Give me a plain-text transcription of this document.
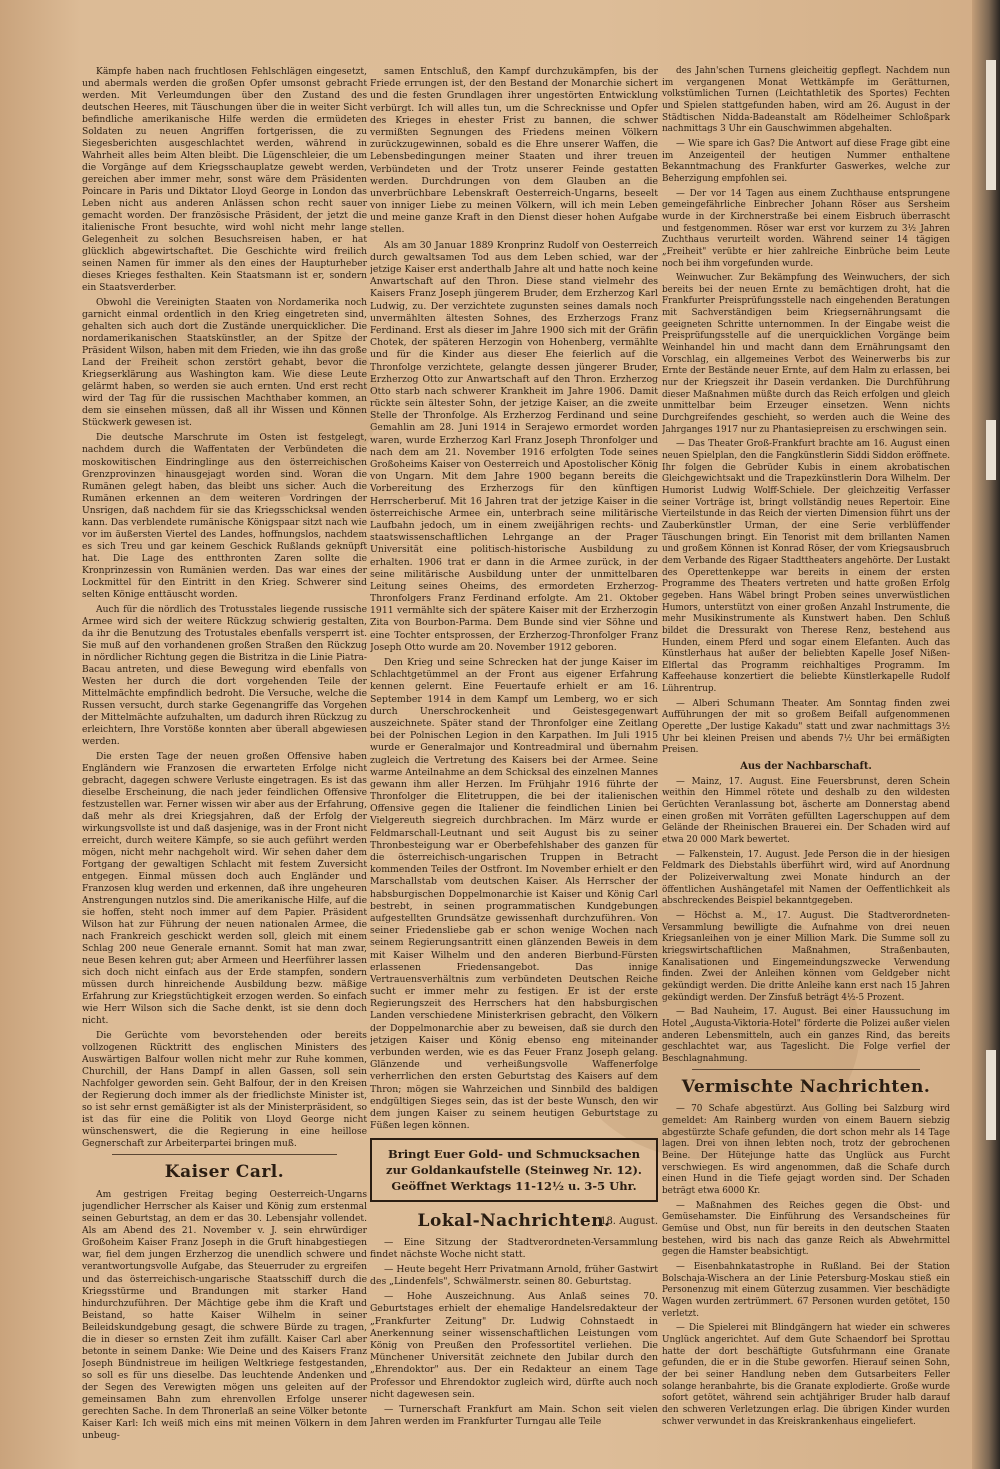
Kämpfe haben nach fruchtlosen Fehlschlägen eingesetzt, und abermals werden die großen Opfer umsonst gebracht werden. Mit Verleumdungen über den Zustand des deutschen Heeres, mit Täuschungen über die in weiter Sicht befindliche amerikanische Hilfe werden die ermüdeten Soldaten zu neuen Angriffen fortgerissen, die zu Siegesberichten ausgeschlachtet werden, während in Wahrheit alles beim Alten bleibt. Die Lügenschleier, die um die Vorgänge auf dem Kriegsschauplatze gewebt werden, gereichen aber immer mehr, sonst wäre dem Präsidenten Poincare in Paris und Diktator Lloyd George in London das Leben nicht aus anderen Anlässen schon recht sauer gemacht worden. Der französische Präsident, der jetzt die italienische Front besuchte, wird wohl nicht mehr lange Gelegenheit zu solchen Besuchsreisen haben, er hat glücklich abgewirtschaftet. Die Geschichte wird freilich seinen Namen für immer als den eines der Haupturheber dieses Krieges festhalten. Kein Staatsmann ist er, sondern ein Staatsverderber.

Obwohl die Vereinigten Staaten von Nordamerika noch garnicht einmal ordentlich in den Krieg eingetreten sind, gehalten sich auch dort die Zustände unerquicklicher. Die nordamerikanischen Staatskünstler, an der Spitze der Präsident Wilson, haben mit dem Frieden, wie ihn das große Land der Freiheit schon zerstört gehabt, bevor die Kriegserklärung aus Washington kam. Wie diese Leute gelärmt haben, so werden sie auch ernten. Und erst recht wird der Tag für die russischen Machthaber kommen, an dem sie einsehen müssen, daß all ihr Wissen und Können Stückwerk gewesen ist.

Die deutsche Marschrute im Osten ist festgelegt, nachdem durch die Waffentaten der Verbündeten die moskowitischen Eindringlinge aus den österreichischen Grenzprovinzen hinausgejagt worden sind. Woran die Rumänen gelegt haben, das bleibt uns sicher. Auch die Rumänen erkennen an dem weiteren Vordringen der Unsrigen, daß nachdem für sie das Kriegsschicksal wenden kann. Das verblendete rumänische Königspaar sitzt nach wie vor im äußersten Viertel des Landes, hoffnungslos, nachdem es sich Treu und gar keinem Geschick Rußlands geknüpft hat. Die Lage des entthronten Zaren sollte die Kronprinzessin von Rumänien werden. Das war eines der Lockmittel für den Eintritt in den Krieg. Schwerer sind selten Könige enttäuscht worden.

Auch für die nördlich des Trotusstales liegende russische Armee wird sich der weitere Rückzug schwierig gestalten, da ihr die Benutzung des Trotustales ebenfalls versperrt ist. Sie muß auf den vorhandenen großen Straßen den Rückzug in nördlicher Richtung gegen die Bistritza in die Linie Piatra-Bacau antreten, und diese Bewegung wird ebenfalls von Westen her durch die dort vorgehenden Teile der Mittelmächte empfindlich bedroht. Die Versuche, welche die Russen versucht, durch starke Gegenangriffe das Vorgehen der Mittelmächte aufzuhalten, um dadurch ihren Rückzug zu erleichtern, Ihre Vorstöße konnten aber überall abgewiesen werden.

Die ersten Tage der neuen großen Offensive haben Engländern wie Franzosen die erwarteten Erfolge nicht gebracht, dagegen schwere Verluste eingetragen. Es ist das dieselbe Erscheinung, die nach jeder feindlichen Offensive festzustellen war. Ferner wissen wir aber aus der Erfahrung, daß mehr als drei Kriegsjahren, daß der Erfolg der wirkungsvollste ist und daß dasjenige, was in der Front nicht erreicht, durch weitere Kämpfe, so sie auch geführt werden mögen, nicht mehr nachgeholt wird. Wir sehen daher dem Fortgang der gewaltigen Schlacht mit festem Zuversicht entgegen. Einmal müssen doch auch Engländer und Franzosen klug werden und erkennen, daß ihre ungeheuren Anstrengungen nutzlos sind. Die amerikanische Hilfe, auf die sie hoffen, steht noch immer auf dem Papier. Präsident Wilson hat zur Führung der neuen nationalen Armee, die nach Frankreich geschickt werden soll, gleich mit einem Schlag 200 neue Generale ernannt. Somit hat man zwar, neue Besen kehren gut; aber Armeen und Heerführer lassen sich doch nicht einfach aus der Erde stampfen, sondern müssen durch hinreichende Ausbildung bezw. mäßige Erfahrung zur Kriegstüchtigkeit erzogen werden. So einfach wie Herr Wilson sich die Sache denkt, ist sie denn doch nicht.

Die Gerüchte vom bevorstehenden oder bereits vollzogenen Rücktritt des englischen Ministers des Auswärtigen Balfour wollen nicht mehr zur Ruhe kommen, Churchill, der Hans Dampf in allen Gassen, soll sein Nachfolger geworden sein. Geht Balfour, der in den Kreisen der Regierung doch immer als der friedlichste Minister ist, so ist sehr ernst gemäßigter ist als der Ministerpräsident, so ist das für eine die Politik von Lloyd George nicht wünschenswert, die die Regierung in eine heillose Gegnerschaft zur Arbeiterpartei bringen muß.

Kaiser Carl.

Am gestrigen Freitag beging Oesterreich-Ungarns jugendlicher Herrscher als Kaiser und König zum erstenmal seinen Geburtstag, an dem er das 30. Lebensjahr vollendet. Als am Abend des 21. November v. J. sein ehrwürdiger Großoheim Kaiser Franz Joseph in die Gruft hinabgestiegen war, fiel dem jungen Erzherzog die unendlich schwere und verantwortungsvolle Aufgabe, das Steuerruder zu ergreifen und das österreichisch-ungarische Staatsschiff durch die Kriegsstürme und Brandungen mit starker Hand hindurchzuführen. Der Mächtige gebe ihm die Kraft und Beistand, so hatte Kaiser Wilhelm in seiner Beileidskundgebung gesagt, die schwere Bürde zu tragen, die in dieser so ernsten Zeit ihm zufällt. Kaiser Carl aber betonte in seinem Danke: Wie Deine und des Kaisers Franz Joseph Bündnistreue im heiligen Weltkriege festgestanden, so soll es für uns dieselbe. Das leuchtende Andenken und der Segen des Verewigten mögen uns geleiten auf der gemeinsamen Bahn zum ehrenvollen Erfolge unserer gerechten Sache. In dem Thronerlaß an seine Völker betonte Kaiser Karl: Ich weiß mich eins mit meinen Völkern in dem unbeug-

samen Entschluß, den Kampf durchzukämpfen, bis der Friede errungen ist, der den Bestand der Monarchie sichert und die festen Grundlagen ihrer ungestörten Entwicklung verbürgt. Ich will alles tun, um die Schrecknisse und Opfer des Krieges in ehester Frist zu bannen, die schwer vermißten Segnungen des Friedens meinen Völkern zurückzugewinnen, sobald es die Ehre unserer Waffen, die Lebensbedingungen meiner Staaten und ihrer treuen Verbündeten und der Trotz unserer Feinde gestatten werden. Durchdrungen von dem Glauben an die unverbrüchbare Lebenskraft Oesterreich-Ungarns, beseelt von inniger Liebe zu meinen Völkern, will ich mein Leben und meine ganze Kraft in den Dienst dieser hohen Aufgabe stellen.

Als am 30 Januar 1889 Kronprinz Rudolf von Oesterreich durch gewaltsamen Tod aus dem Leben schied, war der jetzige Kaiser erst anderthalb Jahre alt und hatte noch keine Anwartschaft auf den Thron. Diese stand vielmehr des Kaisers Franz Joseph jüngerem Bruder, dem Erzherzog Karl Ludwig, zu. Der verzichtete zugunsten seines damals noch unvermählten ältesten Sohnes, des Erzherzogs Franz Ferdinand. Erst als dieser im Jahre 1900 sich mit der Gräfin Chotek, der späteren Herzogin von Hohenberg, vermählte und für die Kinder aus dieser Ehe feierlich auf die Thronfolge verzichtete, gelangte dessen jüngerer Bruder, Erzherzog Otto zur Anwartschaft auf den Thron. Erzherzog Otto starb nach schwerer Krankheit im Jahre 1906. Damit rückte sein ältester Sohn, der jetzige Kaiser, an die zweite Stelle der Thronfolge. Als Erzherzog Ferdinand und seine Gemahlin am 28. Juni 1914 in Serajewo ermordet worden waren, wurde Erzherzog Karl Franz Joseph Thronfolger und nach dem am 21. November 1916 erfolgten Tode seines Großoheims Kaiser von Oesterreich und Apostolischer König von Ungarn. Mit dem Jahre 1900 begann bereits die Vorbereitung des Erzherzogs für den künftigen Herrscherberuf. Mit 16 Jahren trat der jetzige Kaiser in die österreichische Armee ein, unterbrach seine militärische Laufbahn jedoch, um in einem zweijährigen rechts- und staatswissenschaftlichen Lehrgange an der Prager Universität eine politisch-historische Ausbildung zu erhalten. 1906 trat er dann in die Armee zurück, in der seine militärische Ausbildung unter der unmittelbaren Leitung seines Oheims, des ermordeten Erzherzog-Thronfolgers Franz Ferdinand erfolgte. Am 21. Oktober 1911 vermählte sich der spätere Kaiser mit der Erzherzogin Zita von Bourbon-Parma. Dem Bunde sind vier Söhne und eine Tochter entsprossen, der Erzherzog-Thronfolger Franz Joseph Otto wurde am 20. November 1912 geboren.

Den Krieg und seine Schrecken hat der junge Kaiser im Schlachtgetümmel an der Front aus eigener Erfahrung kennen gelernt. Eine Feuertaufe erhielt er am 16. September 1914 in dem Kampf um Lemberg, wo er sich durch Unerschrockenheit und Geistesgegenwart auszeichnete. Später stand der Thronfolger eine Zeitlang bei der Polnischen Legion in den Karpathen. Im Juli 1915 wurde er Generalmajor und Kontreadmiral und übernahm zugleich die Vertretung des Kaisers bei der Armee. Seine warme Anteilnahme an dem Schicksal des einzelnen Mannes gewann ihm aller Herzen. Im Frühjahr 1916 führte der Thronfolger die Elitetruppen, die bei der italienischen Offensive gegen die Italiener die feindlichen Linien bei Vielgereuth siegreich durchbrachen. Im März wurde er Feldmarschall-Leutnant und seit August bis zu seiner Thronbesteigung war er Oberbefehlshaber des ganzen für die österreichisch-ungarischen Truppen in Betracht kommenden Teiles der Ostfront. Im November erhielt er den Marschallstab vom deutschen Kaiser. Als Herrscher der habsburgischen Doppelmonarchie ist Kaiser und König Carl bestrebt, in seinen programmatischen Kundgebungen aufgestellten Grundsätze gewissenhaft durchzuführen. Von seiner Friedensliebe gab er schon wenige Wochen nach seinem Regierungsantritt einen glänzenden Beweis in dem mit Kaiser Wilhelm und den anderen Bierbund-Fürsten erlassenen Friedensangebot. Das innige Vertrauensverhältnis zum verbündeten Deutschen Reiche sucht er immer mehr zu festigen. Er ist der erste Regierungszeit des Herrschers hat den habsburgischen Landen verschiedene Ministerkrisen gebracht, den Völkern der Doppelmonarchie aber zu beweisen, daß sie durch den jetzigen Kaiser und König ebenso eng miteinander verbunden werden, wie es das Feuer Franz Joseph gelang. Glänzende und verheißungsvolle Waffenerfolge verherrlichen den ersten Geburtstag des Kaisers auf dem Thron; mögen sie Wahrzeichen und Sinnbild des baldigen endgültigen Sieges sein, das ist der beste Wunsch, den wir dem jungen Kaiser zu seinem heutigen Geburtstage zu Füßen legen können.

Bringt Euer Gold- und Schmucksachen
zur Goldankaufstelle (Steinweg Nr. 12).
Geöffnet Werktags 11-12½ u. 3-5 Uhr.
Lokal-Nachrichten.
18. August.

— Eine Sitzung der Stadtverordneten-Versammlung findet nächste Woche nicht statt.

— Heute begeht Herr Privatmann Arnold, früher Gastwirt des „Lindenfels", Schwälmerstr. seinen 80. Geburtstag.

— Hohe Auszeichnung. Aus Anlaß seines 70. Geburtstages erhielt der ehemalige Handelsredakteur der „Frankfurter Zeitung" Dr. Ludwig Cohnstaedt in Anerkennung seiner wissenschaftlichen Leistungen vom König von Preußen den Professortitel verliehen. Die Münchener Universität zeichnete den Jubilar durch den „Ehrendoktor" aus. Der ein Redakteur an einem Tage Professor und Ehrendoktor zugleich wird, dürfte auch noch nicht dagewesen sein.

— Turnerschaft Frankfurt am Main. Schon seit vielen Jahren werden im Frankfurter Turngau alle Teile

des Jahn'schen Turnens gleicheitig gepflegt. Nachdem nun im vergangenen Monat Wettkämpfe im Gerätturnen, volkstümlichen Turnen (Leichtathletik des Sportes) Fechten und Spielen stattgefunden haben, wird am 26. August in der Städtischen Nidda-Badeanstalt am Rödelheimer Schloßpark nachmittags 3 Uhr ein Gauschwimmen abgehalten.

— Wie spare ich Gas? Die Antwort auf diese Frage gibt eine im Anzeigenteil der heutigen Nummer enthaltene Bekanntmachung des Frankfurter Gaswerkes, welche zur Beherzigung empfohlen sei.

— Der vor 14 Tagen aus einem Zuchthause entsprungene gemeingefährliche Einbrecher Johann Röser aus Sersheim wurde in der Kirchnerstraße bei einem Eisbruch überrascht und festgenommen. Röser war erst vor kurzem zu 3½ Jahren Zuchthaus verurteilt worden. Während seiner 14 tägigen „Freiheit" verübte er hier zahlreiche Einbrüche beim Leute noch bei ihm vorgefunden wurde.

Weinwucher. Zur Bekämpfung des Weinwuchers, der sich bereits bei der neuen Ernte zu bemächtigen droht, hat die Frankfurter Preisprüfungsstelle nach eingehenden Beratungen mit Sachverständigen beim Kriegsernährungsamt die geeigneten Schritte unternommen. In der Eingabe weist die Preisprüfungsstelle auf die unerquicklichen Vorgänge beim Weinhandel hin und macht dann dem Ernährungsamt den Vorschlag, ein allgemeines Verbot des Weinerwerbs bis zur Ernte der Bestände neuer Ernte, auf dem Halm zu erlassen, bei nur der Kriegszeit ihr Dasein verdanken. Die Durchführung dieser Maßnahmen müßte durch das Reich erfolgen und gleich unmittelbar beim Erzeuger einsetzen. Wenn nichts Durchgreifendes geschieht, so werden auch die Weine des Jahrganges 1917 nur zu Phantasiepreisen zu erschwingen sein.

— Das Theater Groß-Frankfurt brachte am 16. August einen neuen Spielplan, den die Fangkünstlerin Siddi Siddon eröffnete. Ihr folgen die Gebrüder Kubis in einem akrobatischen Gleichgewichtsakt und die Trapezkünstlerin Dora Wilhelm. Der Humorist Ludwig Wolff-Schiele. Der gleichzeitig Verfasser seiner Vorträge ist, bringt vollständig neues Repertoir. Eine Vierteilstunde in das Reich der vierten Dimension führt uns der Zauberkünstler Urman, der eine Serie verblüffender Täuschungen bringt. Ein Tenorist mit dem brillanten Namen und großem Können ist Konrad Röser, der vom Kriegsausbruch dem Verbande des Rigaer Stadttheaters angehörte. Der Lustakt des Operettenkeppe war bereits in einem der ersten Programme des Theaters vertreten und hatte großen Erfolg gegeben. Hans Wäbel bringt Proben seines unverwüstlichen Humors, unterstützt von einer großen Anzahl Instrumente, die mehr Musikinstrumente als Kunstwert haben. Den Schluß bildet die Dressurakt von Therese Renz, bestehend aus Hunden, einem Pferd und sogar einem Elefanten. Auch das Künstlerhaus hat außer der beliebten Kapelle Josef Nißen-Elflertal das Programm reichhaltiges Programm. Im Kaffeehause konzertiert die beliebte Künstlerkapelle Rudolf Lührentrup.

— Alberi Schumann Theater. Am Sonntag finden zwei Aufführungen der mit so großem Beifall aufgenommenen Operette „Der lustige Kakadu" statt und zwar nachmittags 3½ Uhr bei kleinen Preisen und abends 7½ Uhr bei ermäßigten Preisen.

Aus der Nachbarschaft.

— Mainz, 17. August. Eine Feuersbrunst, deren Schein weithin den Himmel rötete und deshalb zu den wildesten Gerüchten Veranlassung bot, äscherte am Donnerstag abend einen großen mit Vorräten gefüllten Lagerschuppen auf dem Gelände der Rheinischen Brauerei ein. Der Schaden wird auf etwa 20 000 Mark bewertet.

— Falkenstein, 17. August. Jede Person die in der hiesigen Feldmark des Diebstahls überführt wird, wird auf Anordnung der Polizeiverwaltung zwei Monate hindurch an der öffentlichen Aushängetafel mit Namen der Oeffentlichkeit als abschreckendes Beispiel bekanntgegeben.

— Höchst a. M., 17. August. Die Stadtverordneten-Versammlung bewilligte die Aufnahme von drei neuen Kriegsanleihen von je einer Million Mark. Die Summe soll zu kriegswirtschaftlichen Maßnahmen, Straßenbauten, Kanalisationen und Eingemeindungszwecke Verwendung finden. Zwei der Anleihen können vom Geldgeber nicht gekündigt werden. Die dritte Anleihe kann erst nach 15 Jahren gekündigt werden. Der Zinsfuß beträgt 4½-5 Prozent.

— Bad Nauheim, 17. August. Bei einer Haussuchung im Hotel „Augusta-Viktoria-Hotel" förderte die Polizei außer vielen anderen Lebensmitteln, auch ein ganzes Rind, das bereits geschlachtet war, aus Tageslicht. Die Folge verfiel der Beschlagnahmung.

Vermischte Nachrichten.

— 70 Schafe abgestürzt. Aus Golling bei Salzburg wird gemeldet: Am Rainberg wurden von einem Bauern siebzig abgestürzte Schafe gefunden, die dort schon mehr als 14 Tage lagen. Drei von ihnen lebten noch, trotz der gebrochenen Beine. Der Hütejunge hatte das Unglück aus Furcht verschwiegen. Es wird angenommen, daß die Schafe durch einen Hund in die Tiefe gejagt worden sind. Der Schaden beträgt etwa 6000 Kr.

— Maßnahmen des Reiches gegen die Obst- und Gemüsehamster. Die Einführung des Versandscheines für Gemüse und Obst, nun für bereits in den deutschen Staaten bestehen, wird bis nach das ganze Reich als Abwehrmittel gegen die Hamster beabsichtigt.

— Eisenbahnkatastrophe in Rußland. Bei der Station Bolschaja-Wischera an der Linie Petersburg-Moskau stieß ein Personenzug mit einem Güterzug zusammen. Vier beschädigte Wagen wurden zertrümmert. 67 Personen wurden getötet, 150 verletzt.

— Die Spielerei mit Blindgängern hat wieder ein schweres Unglück angerichtet. Auf dem Gute Schaendorf bei Sprottau hatte der dort beschäftigte Gutsfuhrmann eine Granate gefunden, die er in die Stube geworfen. Hierauf seinen Sohn, der bei seiner Handlung neben dem Gutsarbeiters Feller solange heranbahrte, bis die Granate explodierte. Große wurde sofort getötet, während sein achtjähriger Bruder halb darauf den schweren Verletzungen erlag. Die übrigen Kinder wurden schwer verwundet in das Kreiskrankenhaus eingeliefert.
